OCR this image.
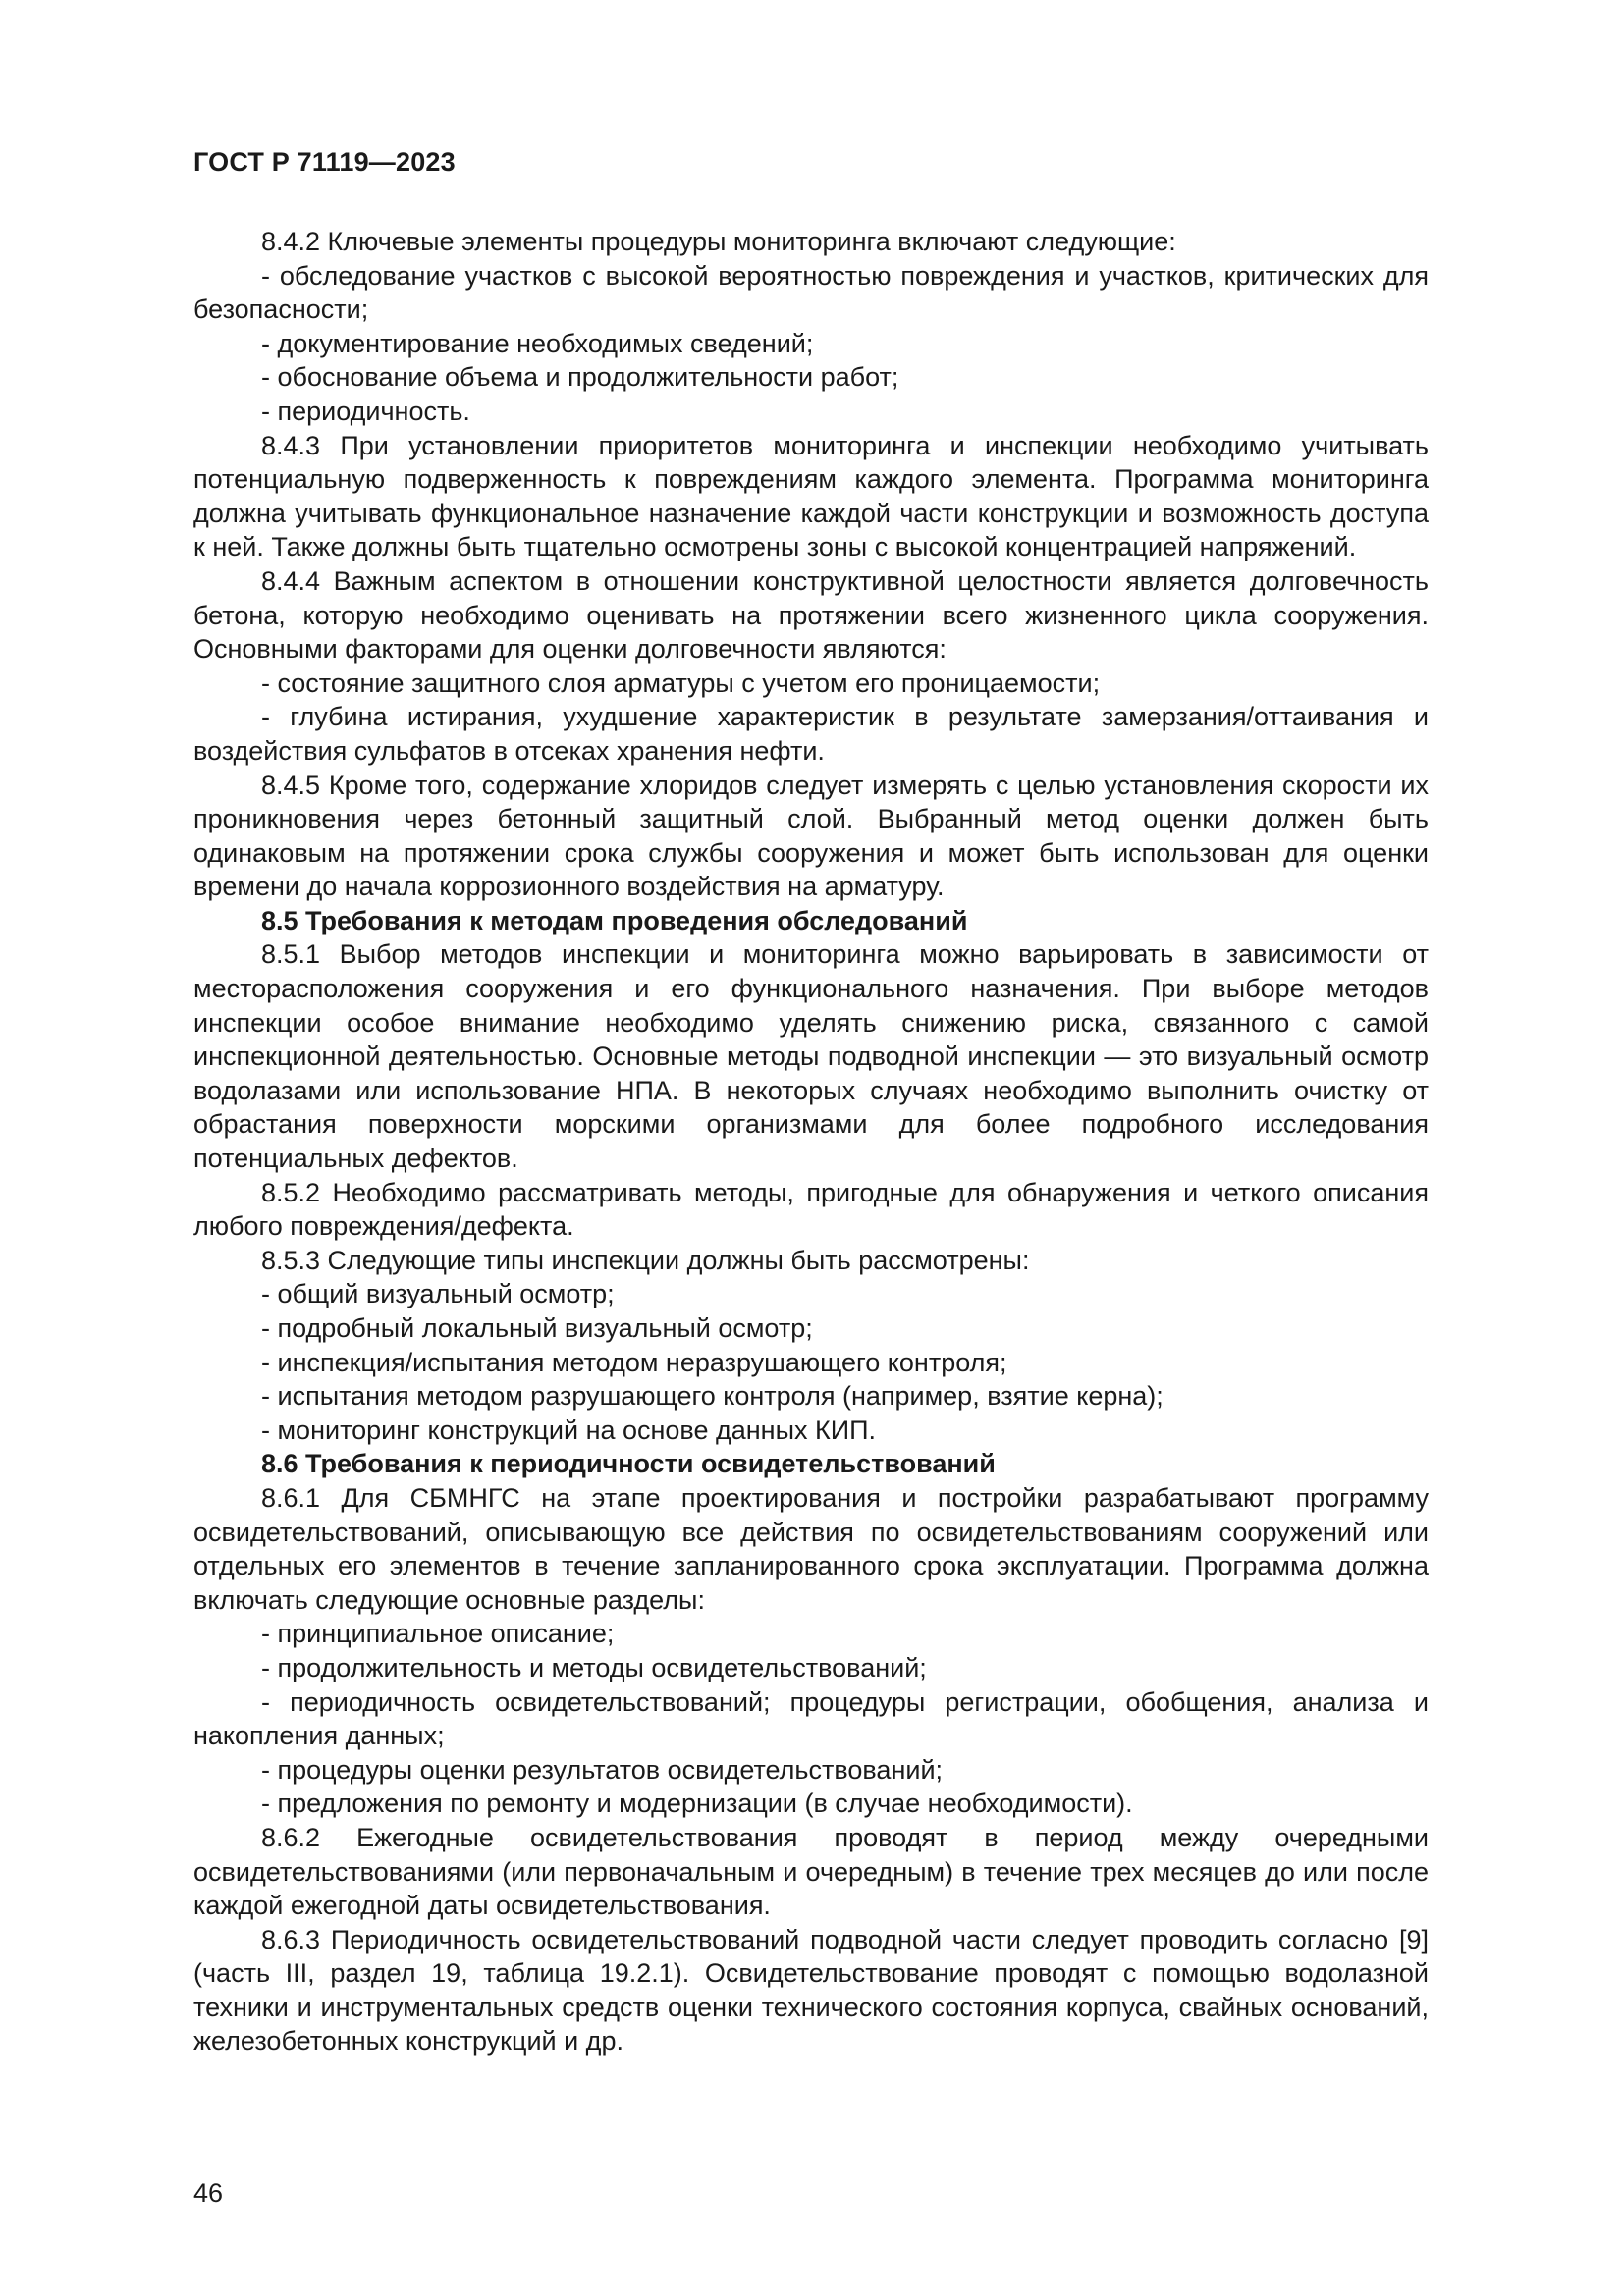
ГОСТ Р 71119—2023

8.4.2 Ключевые элементы процедуры мониторинга включают следующие:

- обследование участков с высокой вероятностью повреждения и участков, критических для безопасности;

- документирование необходимых сведений;

- обоснование объема и продолжительности работ;

- периодичность.

8.4.3 При установлении приоритетов мониторинга и инспекции необходимо учитывать потенциальную подверженность к повреждениям каждого элемента. Программа мониторинга должна учитывать функциональное назначение каждой части конструкции и возможность доступа к ней. Также должны быть тщательно осмотрены зоны с высокой концентрацией напряжений.

8.4.4 Важным аспектом в отношении конструктивной целостности является долговечность бетона, которую необходимо оценивать на протяжении всего жизненного цикла сооружения. Основными факторами для оценки долговечности являются:

- состояние защитного слоя арматуры с учетом его проницаемости;

- глубина истирания, ухудшение характеристик в результате замерзания/оттаивания и воздействия сульфатов в отсеках хранения нефти.

8.4.5 Кроме того, содержание хлоридов следует измерять с целью установления скорости их проникновения через бетонный защитный слой. Выбранный метод оценки должен быть одинаковым на протяжении срока службы сооружения и может быть использован для оценки времени до начала коррозионного воздействия на арматуру.

8.5 Требования к методам проведения обследований

8.5.1 Выбор методов инспекции и мониторинга можно варьировать в зависимости от месторасположения сооружения и его функционального назначения. При выборе методов инспекции особое внимание необходимо уделять снижению риска, связанного с самой инспекционной деятельностью. Основные методы подводной инспекции — это визуальный осмотр водолазами или использование НПА. В некоторых случаях необходимо выполнить очистку от обрастания поверхности морскими организмами для более подробного исследования потенциальных дефектов.

8.5.2 Необходимо рассматривать методы, пригодные для обнаружения и четкого описания любого повреждения/дефекта.

8.5.3 Следующие типы инспекции должны быть рассмотрены:

- общий визуальный осмотр;

- подробный локальный визуальный осмотр;

- инспекция/испытания методом неразрушающего контроля;

- испытания методом разрушающего контроля (например, взятие керна);

- мониторинг конструкций на основе данных КИП.

8.6 Требования к периодичности освидетельствований

8.6.1 Для СБМНГС на этапе проектирования и постройки разрабатывают программу освидетельствований, описывающую все действия по освидетельствованиям сооружений или отдельных его элементов в течение запланированного срока эксплуатации. Программа должна включать следующие основные разделы:

- принципиальное описание;

- продолжительность и методы освидетельствований;

- периодичность освидетельствований; процедуры регистрации, обобщения, анализа и накопления данных;

- процедуры оценки результатов освидетельствований;

- предложения по ремонту и модернизации (в случае необходимости).

8.6.2 Ежегодные освидетельствования проводят в период между очередными освидетельствованиями (или первоначальным и очередным) в течение трех месяцев до или после каждой ежегодной даты освидетельствования.

8.6.3 Периодичность освидетельствований подводной части следует проводить согласно [9] (часть III, раздел 19, таблица 19.2.1). Освидетельствование проводят с помощью водолазной техники и инструментальных средств оценки технического состояния корпуса, свайных оснований, железобетонных конструкций и др.

46
